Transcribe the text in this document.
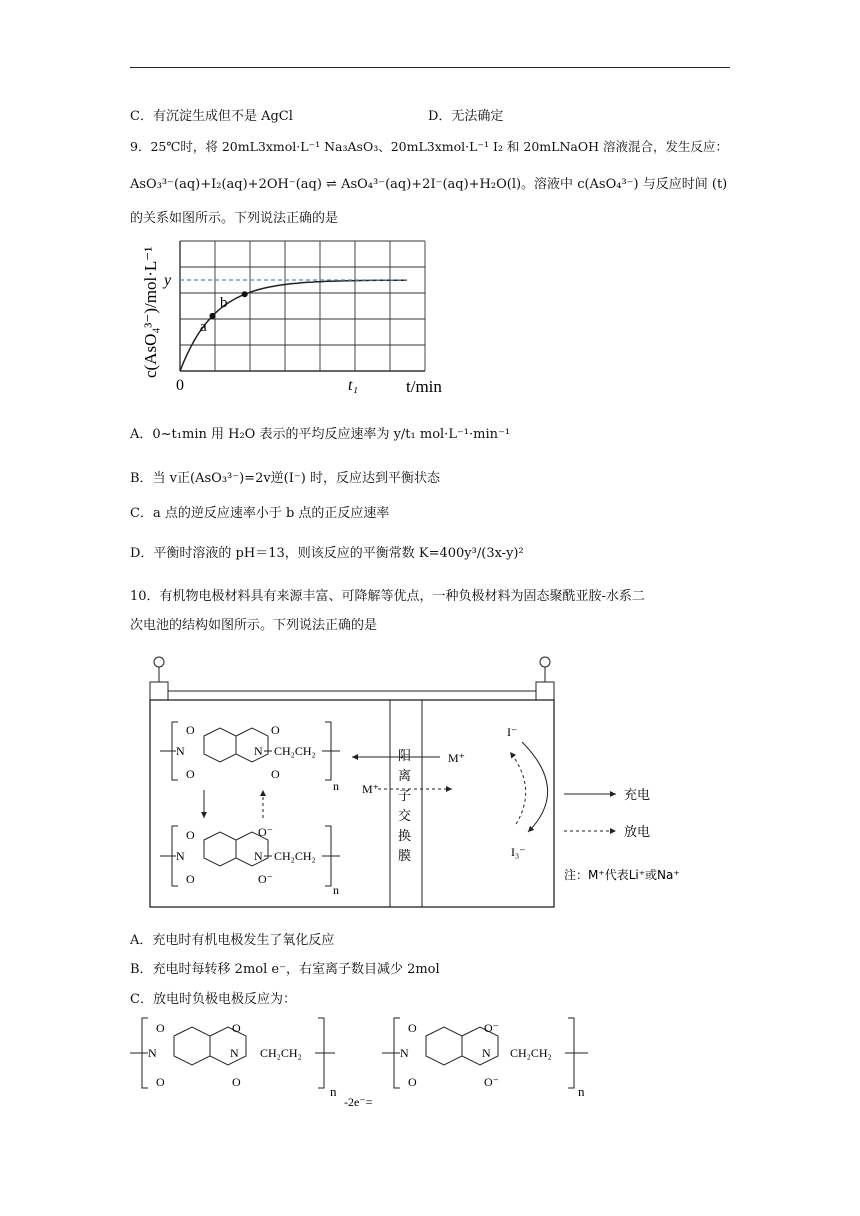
C．有沉淀生成但不是 AgCl	D．无法确定
9．25℃时，将 20mL3xmol·L⁻¹ Na₃AsO₃、20mL3xmol·L⁻¹ I₂ 和 20mLNaOH 溶液混合，发生反应：
AsO₃³⁻(aq)+I₂(aq)+2OH⁻(aq) ⇌ AsO₄³⁻(aq)+2I⁻(aq)+H₂O(l)。溶液中 c(AsO₄³⁻) 与反应时间 (t)
的关系如图所示。下列说法正确的是
a
b
y
0	t₁	t/min
c(AsO₄³⁻)/mol·L⁻¹
A．0~t₁min 用 H₂O 表示的平均反应速率为 y/t₁ mol·L⁻¹·min⁻¹
B．当 v正(AsO₃³⁻)=2v逆(I⁻) 时，反应达到平衡状态
C．a 点的逆反应速率小于 b 点的正反应速率
D．平衡时溶液的 pH＝13，则该反应的平衡常数 K=400y³/(3x-y)²
10．有机物电极材料具有来源丰富、可降解等优点，一种负极材料为固态聚酰亚胺-水系二
次电池的结构如图所示。下列说法正确的是
阳
离
子
交
换
膜
N
O
O
O
O
N CH₂CH₂
n
N
O
O
O⁻
O⁻
N CH₂CH₂
n
M⁺
M⁺
I⁻
I₃⁻
充电
放电
注：M⁺代表Li⁺或Na⁺
A．充电时有机电极发生了氧化反应
B．充电时每转移 2mol e⁻，右室离子数目减少 2mol
C．放电时负极电极反应为：
N
O
O
O
O
N CH₂CH₂
n
-2e⁻=
N
O
O
O⁻
O⁻
N CH₂CH₂
n
